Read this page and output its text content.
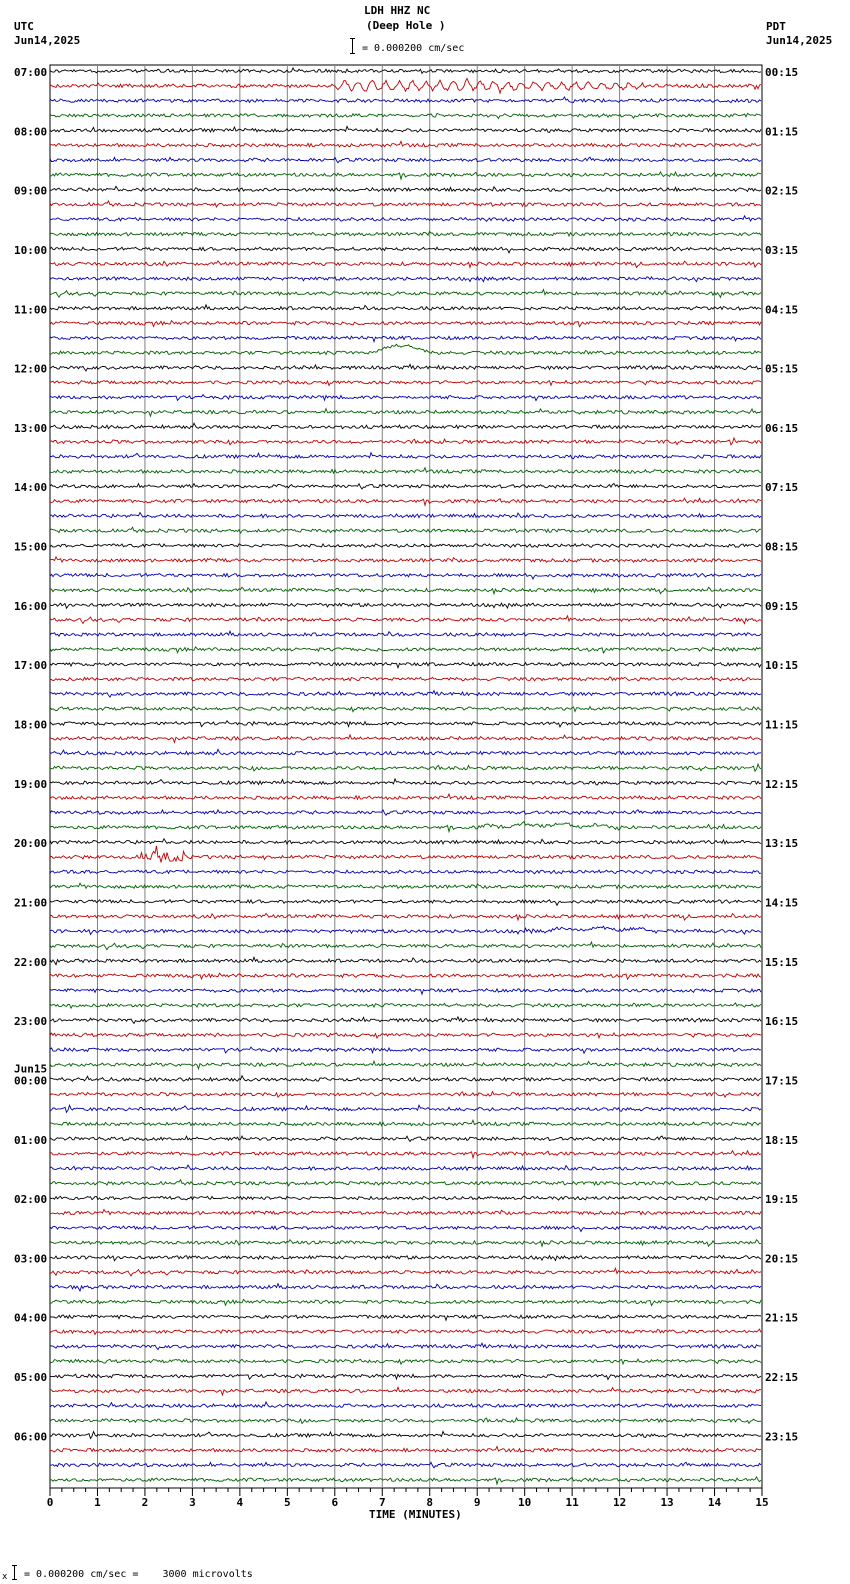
07:00	00:15
08:00	01:15
09:00	02:15
10:00	03:15
11:00	04:15
12:00	05:15
13:00	06:15
14:00	07:15
15:00	08:15
16:00	09:15
17:00	10:15
18:00	11:15
19:00	12:15
20:00	13:15
21:00	14:15
22:00	15:15
23:00	16:15
00:00	17:15
01:00	18:15
02:00	19:15
03:00	20:15
04:00	21:15
05:00	22:15
06:00	23:15
Jun15
0	1	2	3	4	5	6	7	8	9	10	11	12	13	14	15
LDH HHZ NC
(Deep Hole )
UTC
Jun14,2025
PDT
Jun14,2025
= 0.000200 cm/sec
TIME (MINUTES)
x = 0.000200 cm/sec =    3000 microvolts
